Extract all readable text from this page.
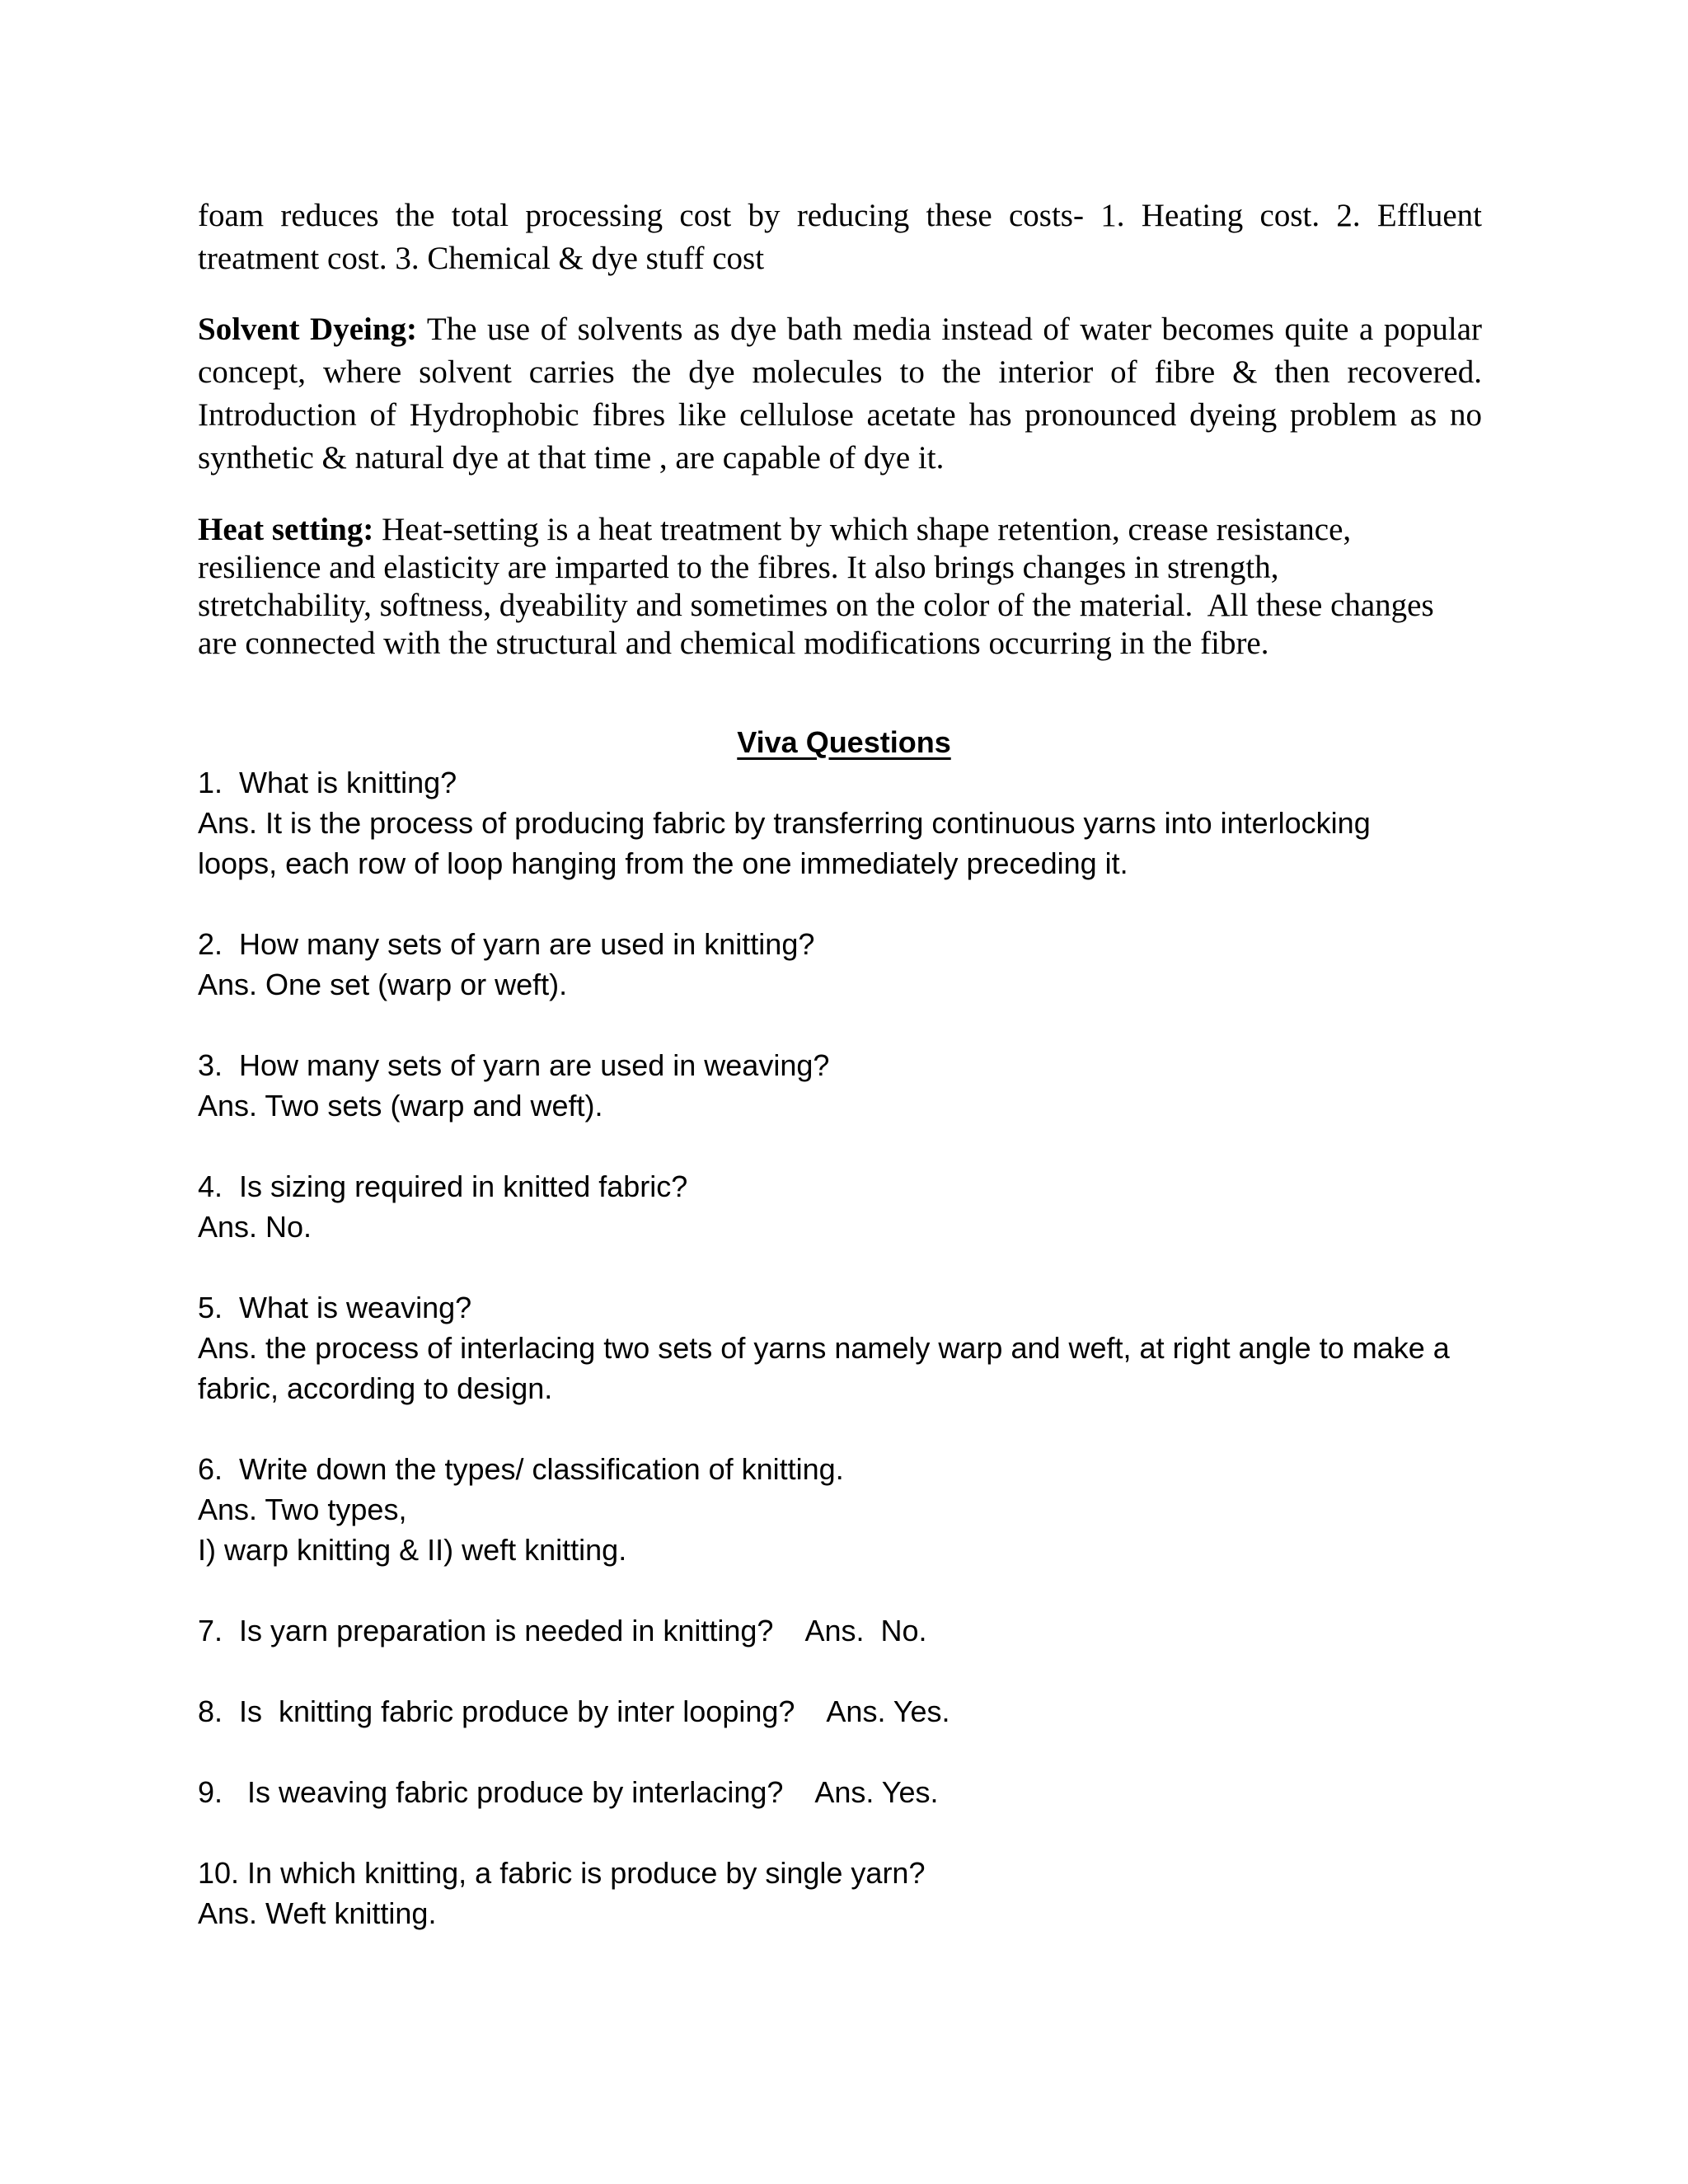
foam reduces the total processing cost by reducing these costs- 1. Heating cost. 2. Effluent treatment cost. 3. Chemical & dye stuff cost

Solvent Dyeing: The use of solvents as dye bath media instead of water becomes quite a popular concept, where solvent carries the dye molecules to the interior of fibre & then recovered. Introduction of Hydrophobic fibres like cellulose acetate has pronounced dyeing problem as no synthetic & natural dye at that time , are capable of dye it.

Heat setting: Heat-setting is a heat treatment by which shape retention, crease resistance,
resilience and elasticity are imparted to the fibres. It also brings changes in strength,
stretchability, softness, dyeability and sometimes on the color of the material.  All these changes
are connected with the structural and chemical modifications occurring in the fibre.

Viva Questions
1.  What is knitting?
Ans. It is the process of producing fabric by transferring continuous yarns into interlocking
loops, each row of loop hanging from the one immediately preceding it.
2.  How many sets of yarn are used in knitting?
Ans. One set (warp or weft).
3.  How many sets of yarn are used in weaving?
Ans. Two sets (warp and weft).
4.  Is sizing required in knitted fabric?
Ans. No.
5.  What is weaving?
Ans. the process of interlacing two sets of yarns namely warp and weft, at right angle to make a
fabric, according to design.
6.  Write down the types/ classification of knitting.
Ans. Two types,
I) warp knitting & II) weft knitting.
7.  Is yarn preparation is needed in knitting? Ans.  No.
8.  Is  knitting fabric produce by inter looping? Ans. Yes.
9.   Is weaving fabric produce by interlacing? Ans. Yes.
10. In which knitting, a fabric is produce by single yarn?
Ans. Weft knitting.
